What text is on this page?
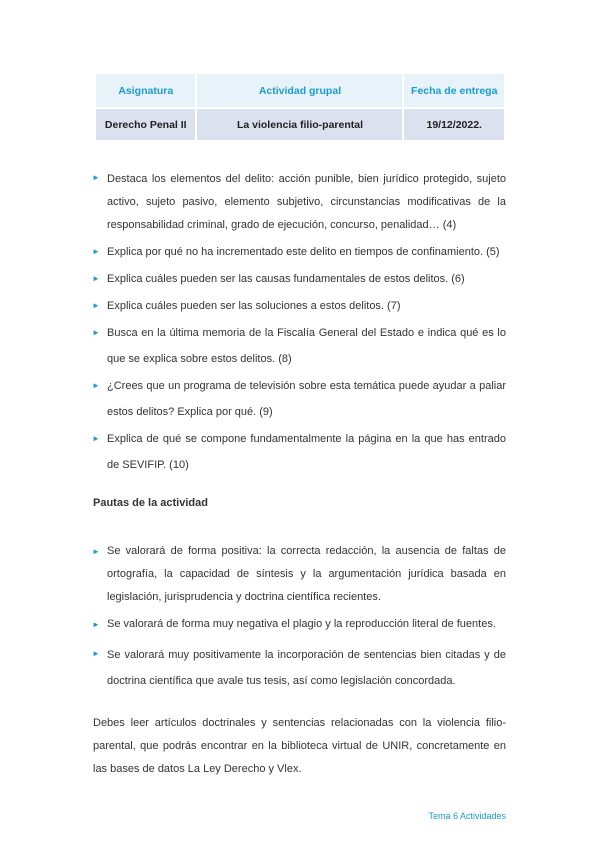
Asignatura	Actividad grupal	Fecha de entrega
Derecho Penal II	La violencia filio-parental	19/12/2022.
► Destaca los elementos del delito: acción punible, bien jurídico protegido, sujeto activo, sujeto pasivo, elemento subjetivo, circunstancias modificativas de la responsabilidad criminal, grado de ejecución, concurso, penalidad… (4)
► Explica por qué no ha incrementado este delito en tiempos de confinamiento. (5)
► Explica cuáles pueden ser las causas fundamentales de estos delitos. (6)
► Explica cuáles pueden ser las soluciones a estos delitos. (7)
► Busca en la última memoria de la Fiscalía General del Estado e indica qué es lo que se explica sobre estos delitos. (8)
► ¿Crees que un programa de televisión sobre esta temática puede ayudar a paliar estos delitos? Explica por qué. (9)
► Explica de qué se compone fundamentalmente la página en la que has entrado de SEVIFIP. (10)
Pautas de la actividad
► Se valorará de forma positiva: la correcta redacción, la ausencia de faltas de ortografía, la capacidad de síntesis y la argumentación jurídica basada en legislación, jurisprudencia y doctrina científica recientes.
► Se valorará de forma muy negativa el plagio y la reproducción literal de fuentes.
► Se valorará muy positivamente la incorporación de sentencias bien citadas y de doctrina científica que avale tus tesis, así como legislación concordada.

Debes leer artículos doctrinales y sentencias relacionadas con la violencia filio-parental, que podrás encontrar en la biblioteca virtual de UNIR, concretamente en las bases de datos La Ley Derecho y Vlex.

Tema 6 Actividades
